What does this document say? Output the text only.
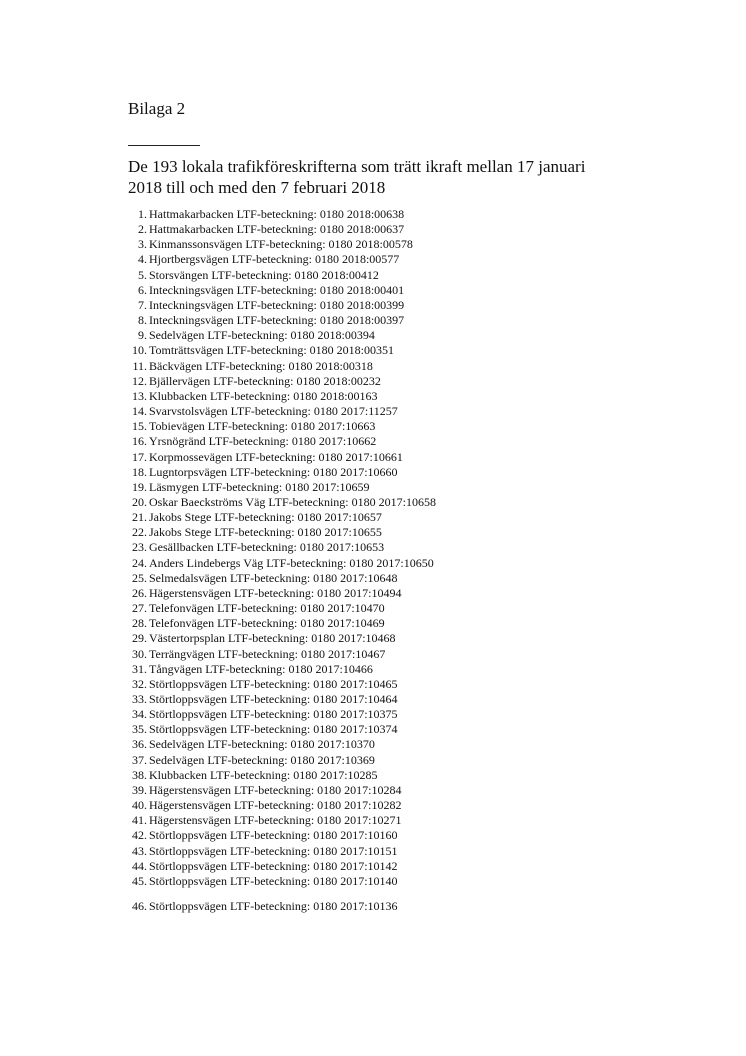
Bilaga 2
De 193 lokala trafikföreskrifterna som trätt ikraft mellan 17 januari 2018 till och med den 7 februari 2018
1. Hattmakarbacken LTF-beteckning: 0180 2018:00638
2. Hattmakarbacken LTF-beteckning: 0180 2018:00637
3. Kinmanssonsvägen LTF-beteckning: 0180 2018:00578
4. Hjortbergsvägen LTF-beteckning: 0180 2018:00577
5. Storsvängen LTF-beteckning: 0180 2018:00412
6. Inteckningsvägen LTF-beteckning: 0180 2018:00401
7. Inteckningsvägen LTF-beteckning: 0180 2018:00399
8. Inteckningsvägen LTF-beteckning: 0180 2018:00397
9. Sedelvägen LTF-beteckning: 0180 2018:00394
10. Tomträttsvägen LTF-beteckning: 0180 2018:00351
11. Bäckvägen LTF-beteckning: 0180 2018:00318
12. Bjällervägen LTF-beteckning: 0180 2018:00232
13. Klubbacken LTF-beteckning: 0180 2018:00163
14. Svarvstolsvägen LTF-beteckning: 0180 2017:11257
15. Tobievägen LTF-beteckning: 0180 2017:10663
16. Yrsnögränd LTF-beteckning: 0180 2017:10662
17. Korpmossevägen LTF-beteckning: 0180 2017:10661
18. Lugntorpsvägen LTF-beteckning: 0180 2017:10660
19. Läsmygen LTF-beteckning: 0180 2017:10659
20. Oskar Baeckströms Väg LTF-beteckning: 0180 2017:10658
21. Jakobs Stege LTF-beteckning: 0180 2017:10657
22. Jakobs Stege LTF-beteckning: 0180 2017:10655
23. Gesällbacken LTF-beteckning: 0180 2017:10653
24. Anders Lindebergs Väg LTF-beteckning: 0180 2017:10650
25. Selmedalsvägen LTF-beteckning: 0180 2017:10648
26. Hägerstensvägen LTF-beteckning: 0180 2017:10494
27. Telefonvägen LTF-beteckning: 0180 2017:10470
28. Telefonvägen LTF-beteckning: 0180 2017:10469
29. Västertorpsplan LTF-beteckning: 0180 2017:10468
30. Terrängvägen LTF-beteckning: 0180 2017:10467
31. Tångvägen LTF-beteckning: 0180 2017:10466
32. Störtloppsvägen LTF-beteckning: 0180 2017:10465
33. Störtloppsvägen LTF-beteckning: 0180 2017:10464
34. Störtloppsvägen LTF-beteckning: 0180 2017:10375
35. Störtloppsvägen LTF-beteckning: 0180 2017:10374
36. Sedelvägen LTF-beteckning: 0180 2017:10370
37. Sedelvägen LTF-beteckning: 0180 2017:10369
38. Klubbacken LTF-beteckning: 0180 2017:10285
39. Hägerstensvägen LTF-beteckning: 0180 2017:10284
40. Hägerstensvägen LTF-beteckning: 0180 2017:10282
41. Hägerstensvägen LTF-beteckning: 0180 2017:10271
42. Störtloppsvägen LTF-beteckning: 0180 2017:10160
43. Störtloppsvägen LTF-beteckning: 0180 2017:10151
44. Störtloppsvägen LTF-beteckning: 0180 2017:10142
45. Störtloppsvägen LTF-beteckning: 0180 2017:10140
46. Störtloppsvägen LTF-beteckning: 0180 2017:10136
